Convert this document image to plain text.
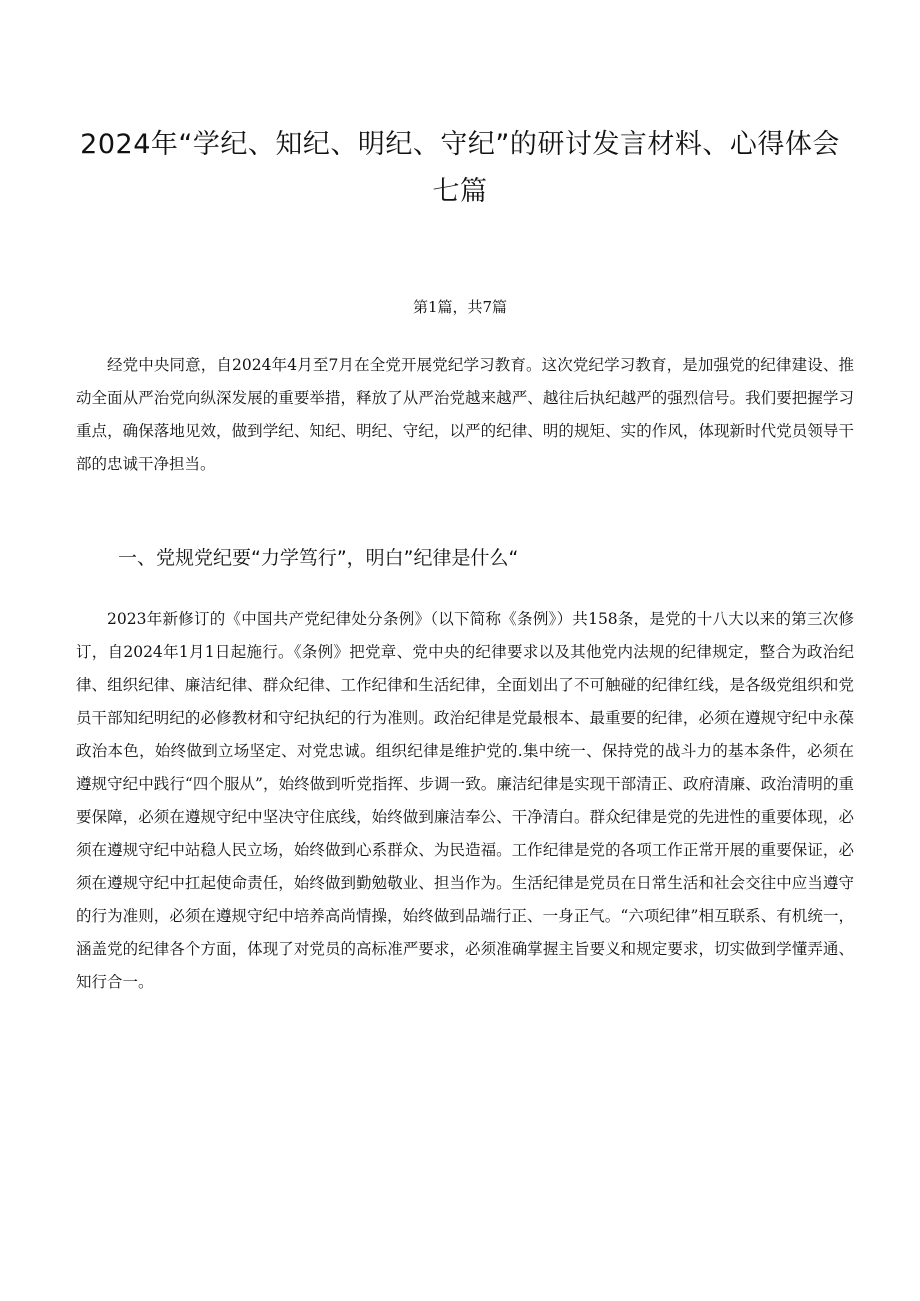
2024年“学纪、知纪、明纪、守纪”的研讨发言材料、心得体会七篇
第1篇，共7篇

经党中央同意，自2024年4月至7月在全党开展党纪学习教育。这次党纪学习教育，是加强党的纪律建设、推动全面从严治党向纵深发展的重要举措，释放了从严治党越来越严、越往后执纪越严的强烈信号。我们要把握学习重点，确保落地见效，做到学纪、知纪、明纪、守纪，以严的纪律、明的规矩、实的作风，体现新时代党员领导干部的忠诚干净担当。

一、党规党纪要“力学笃行”，明白”纪律是什么“

2023年新修订的《中国共产党纪律处分条例》（以下简称《条例》）共158条，是党的十八大以来的第三次修订，自2024年1月1日起施行。《条例》把党章、党中央的纪律要求以及其他党内法规的纪律规定，整合为政治纪律、组织纪律、廉洁纪律、群众纪律、工作纪律和生活纪律，全面划出了不可触碰的纪律红线，是各级党组织和党员干部知纪明纪的必修教材和守纪执纪的行为准则。政治纪律是党最根本、最重要的纪律，必须在遵规守纪中永葆政治本色，始终做到立场坚定、对党忠诚。组织纪律是维护党的.集中统一、保持党的战斗力的基本条件，必须在遵规守纪中践行“四个服从”，始终做到听党指挥、步调一致。廉洁纪律是实现干部清正、政府清廉、政治清明的重要保障，必须在遵规守纪中坚决守住底线，始终做到廉洁奉公、干净清白。群众纪律是党的先进性的重要体现，必须在遵规守纪中站稳人民立场，始终做到心系群众、为民造福。工作纪律是党的各项工作正常开展的重要保证，必须在遵规守纪中扛起使命责任，始终做到勤勉敬业、担当作为。生活纪律是党员在日常生活和社会交往中应当遵守的行为准则，必须在遵规守纪中培养高尚情操，始终做到品端行正、一身正气。“六项纪律”相互联系、有机统一，涵盖党的纪律各个方面，体现了对党员的高标准严要求，必须准确掌握主旨要义和规定要求，切实做到学懂弄通、知行合一。
